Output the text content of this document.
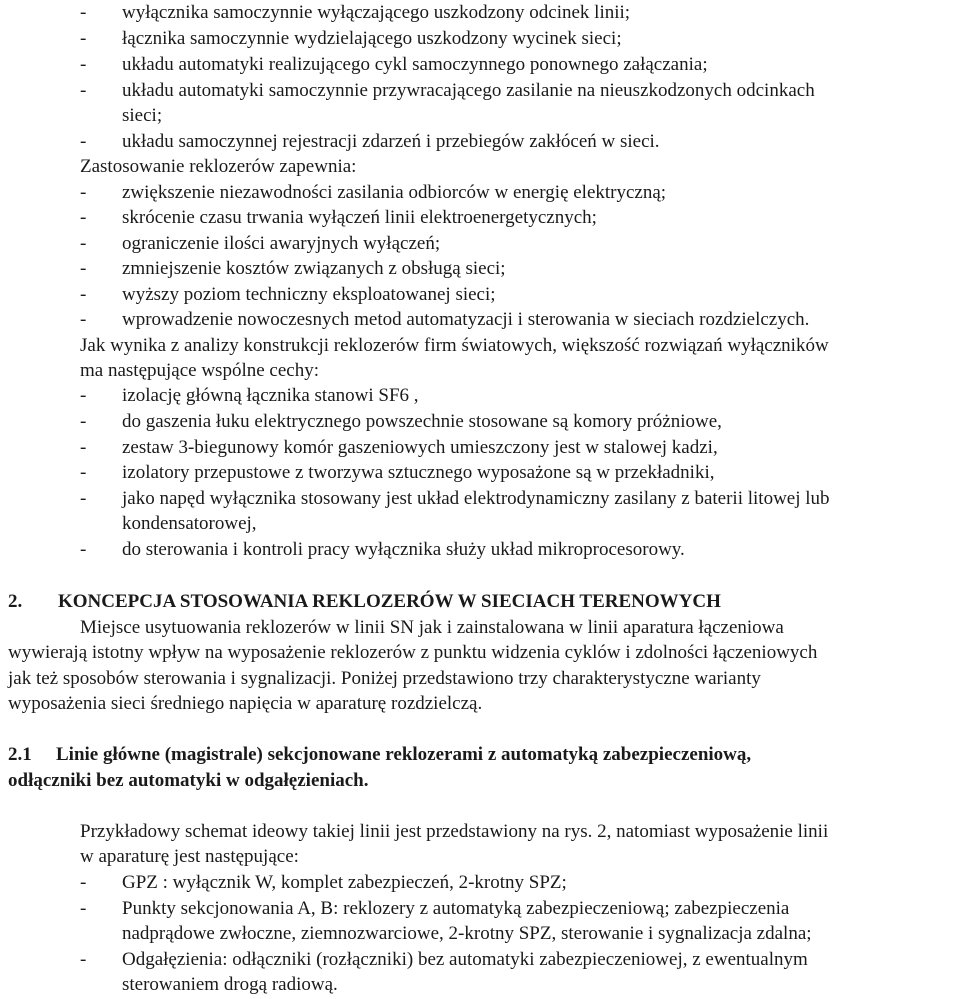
- wyłącznika samoczynnie wyłączającego uszkodzony odcinek linii;
- łącznika samoczynnie wydzielającego uszkodzony wycinek sieci;
- układu automatyki realizującego cykl samoczynnego ponownego załączania;
- układu automatyki samoczynnie przywracającego zasilanie na nieuszkodzonych odcinkach
sieci;
- układu samoczynnej rejestracji zdarzeń i przebiegów zakłóceń w sieci.
Zastosowanie reklozerów zapewnia:
- zwiększenie niezawodności zasilania odbiorców w energię elektryczną;
- skrócenie czasu trwania wyłączeń linii elektroenergetycznych;
- ograniczenie ilości awaryjnych wyłączeń;
- zmniejszenie kosztów związanych z obsługą sieci;
- wyższy poziom techniczny eksploatowanej sieci;
- wprowadzenie nowoczesnych metod automatyzacji i sterowania w sieciach rozdzielczych.
Jak wynika z analizy konstrukcji reklozerów firm światowych, większość rozwiązań wyłączników
ma następujące wspólne cechy:
- izolację główną łącznika stanowi SF6 ,
- do gaszenia łuku elektrycznego powszechnie stosowane są komory próżniowe,
- zestaw 3-biegunowy komór gaszeniowych umieszczony jest w stalowej kadzi,
- izolatory przepustowe z tworzywa sztucznego wyposażone są w przekładniki,
- jako napęd wyłącznika stosowany jest układ elektrodynamiczny zasilany z baterii litowej lub
kondensatorowej,
- do sterowania i kontroli pracy wyłącznika służy układ mikroprocesorowy.
2. KONCEPCJA STOSOWANIA REKLOZERÓW W SIECIACH TERENOWYCH
Miejsce usytuowania reklozerów w linii SN jak i zainstalowana w linii aparatura łączeniowa
wywierają istotny wpływ na wyposażenie reklozerów z punktu widzenia cyklów i zdolności łączeniowych
jak też sposobów sterowania i sygnalizacji. Poniżej przedstawiono trzy charakterystyczne warianty
wyposażenia sieci średniego napięcia w aparaturę rozdzielczą.
2.1 Linie główne (magistrale) sekcjonowane reklozerami z automatyką zabezpieczeniową,
odłączniki bez automatyki w odgałęzieniach.
Przykładowy schemat ideowy takiej linii jest przedstawiony na rys. 2, natomiast wyposażenie linii
w aparaturę jest następujące:
- GPZ : wyłącznik W, komplet zabezpieczeń, 2-krotny SPZ;
- Punkty sekcjonowania A, B: reklozery z automatyką zabezpieczeniową; zabezpieczenia
nadprądowe zwłoczne, ziemnozwarciowe, 2-krotny SPZ, sterowanie i sygnalizacja zdalna;
- Odgałęzienia: odłączniki (rozłączniki) bez automatyki zabezpieczeniowej, z ewentualnym
sterowaniem drogą radiową.
